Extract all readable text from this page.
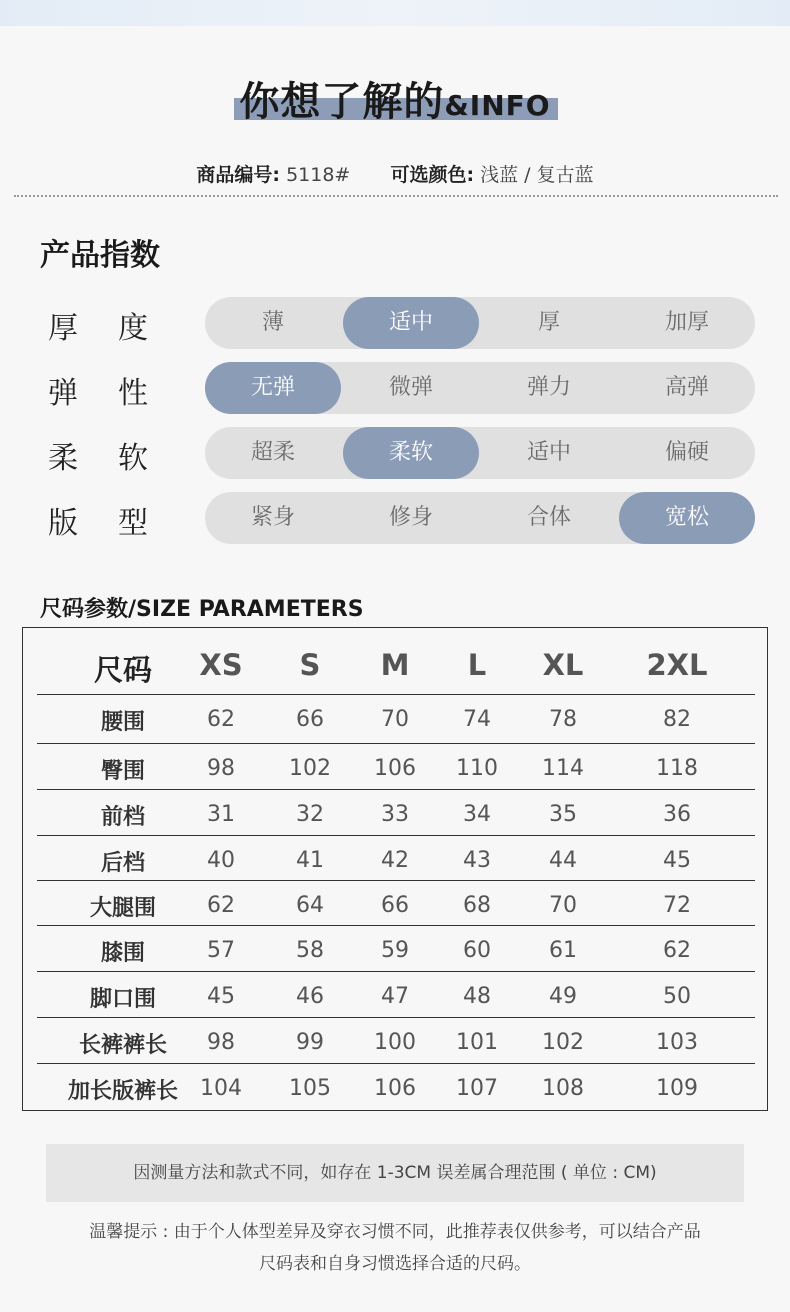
你想了解的&INFO
商品编号: 5118# 可选颜色: 浅蓝 / 复古蓝
产品指数
厚 度	薄	适中	厚	加厚
弹 性	无弹	微弹	弹力	高弹
柔 软	超柔	柔软	适中	偏硬
版 型	紧身	修身	合体	宽松
尺码参数/SIZE PARAMETERS
尺码	XS	S	M	L	XL	2XL
腰围	62	66	70	74	78	82
臀围	98	102	106	110	114	118
前档	31	32	33	34	35	36
后档	40	41	42	43	44	45
大腿围	62	64	66	68	70	72
膝围	57	58	59	60	61	62
脚口围	45	46	47	48	49	50
长裤裤长	98	99	100	101	102	103
加长版裤长	104	105	106	107	108	109
因测量方法和款式不同，如存在 1-3CM 误差属合理范围 ( 单位 : CM)
温馨提示 : 由于个人体型差异及穿衣习惯不同，此推荐表仅供参考，可以结合产品
尺码表和自身习惯选择合适的尺码。
